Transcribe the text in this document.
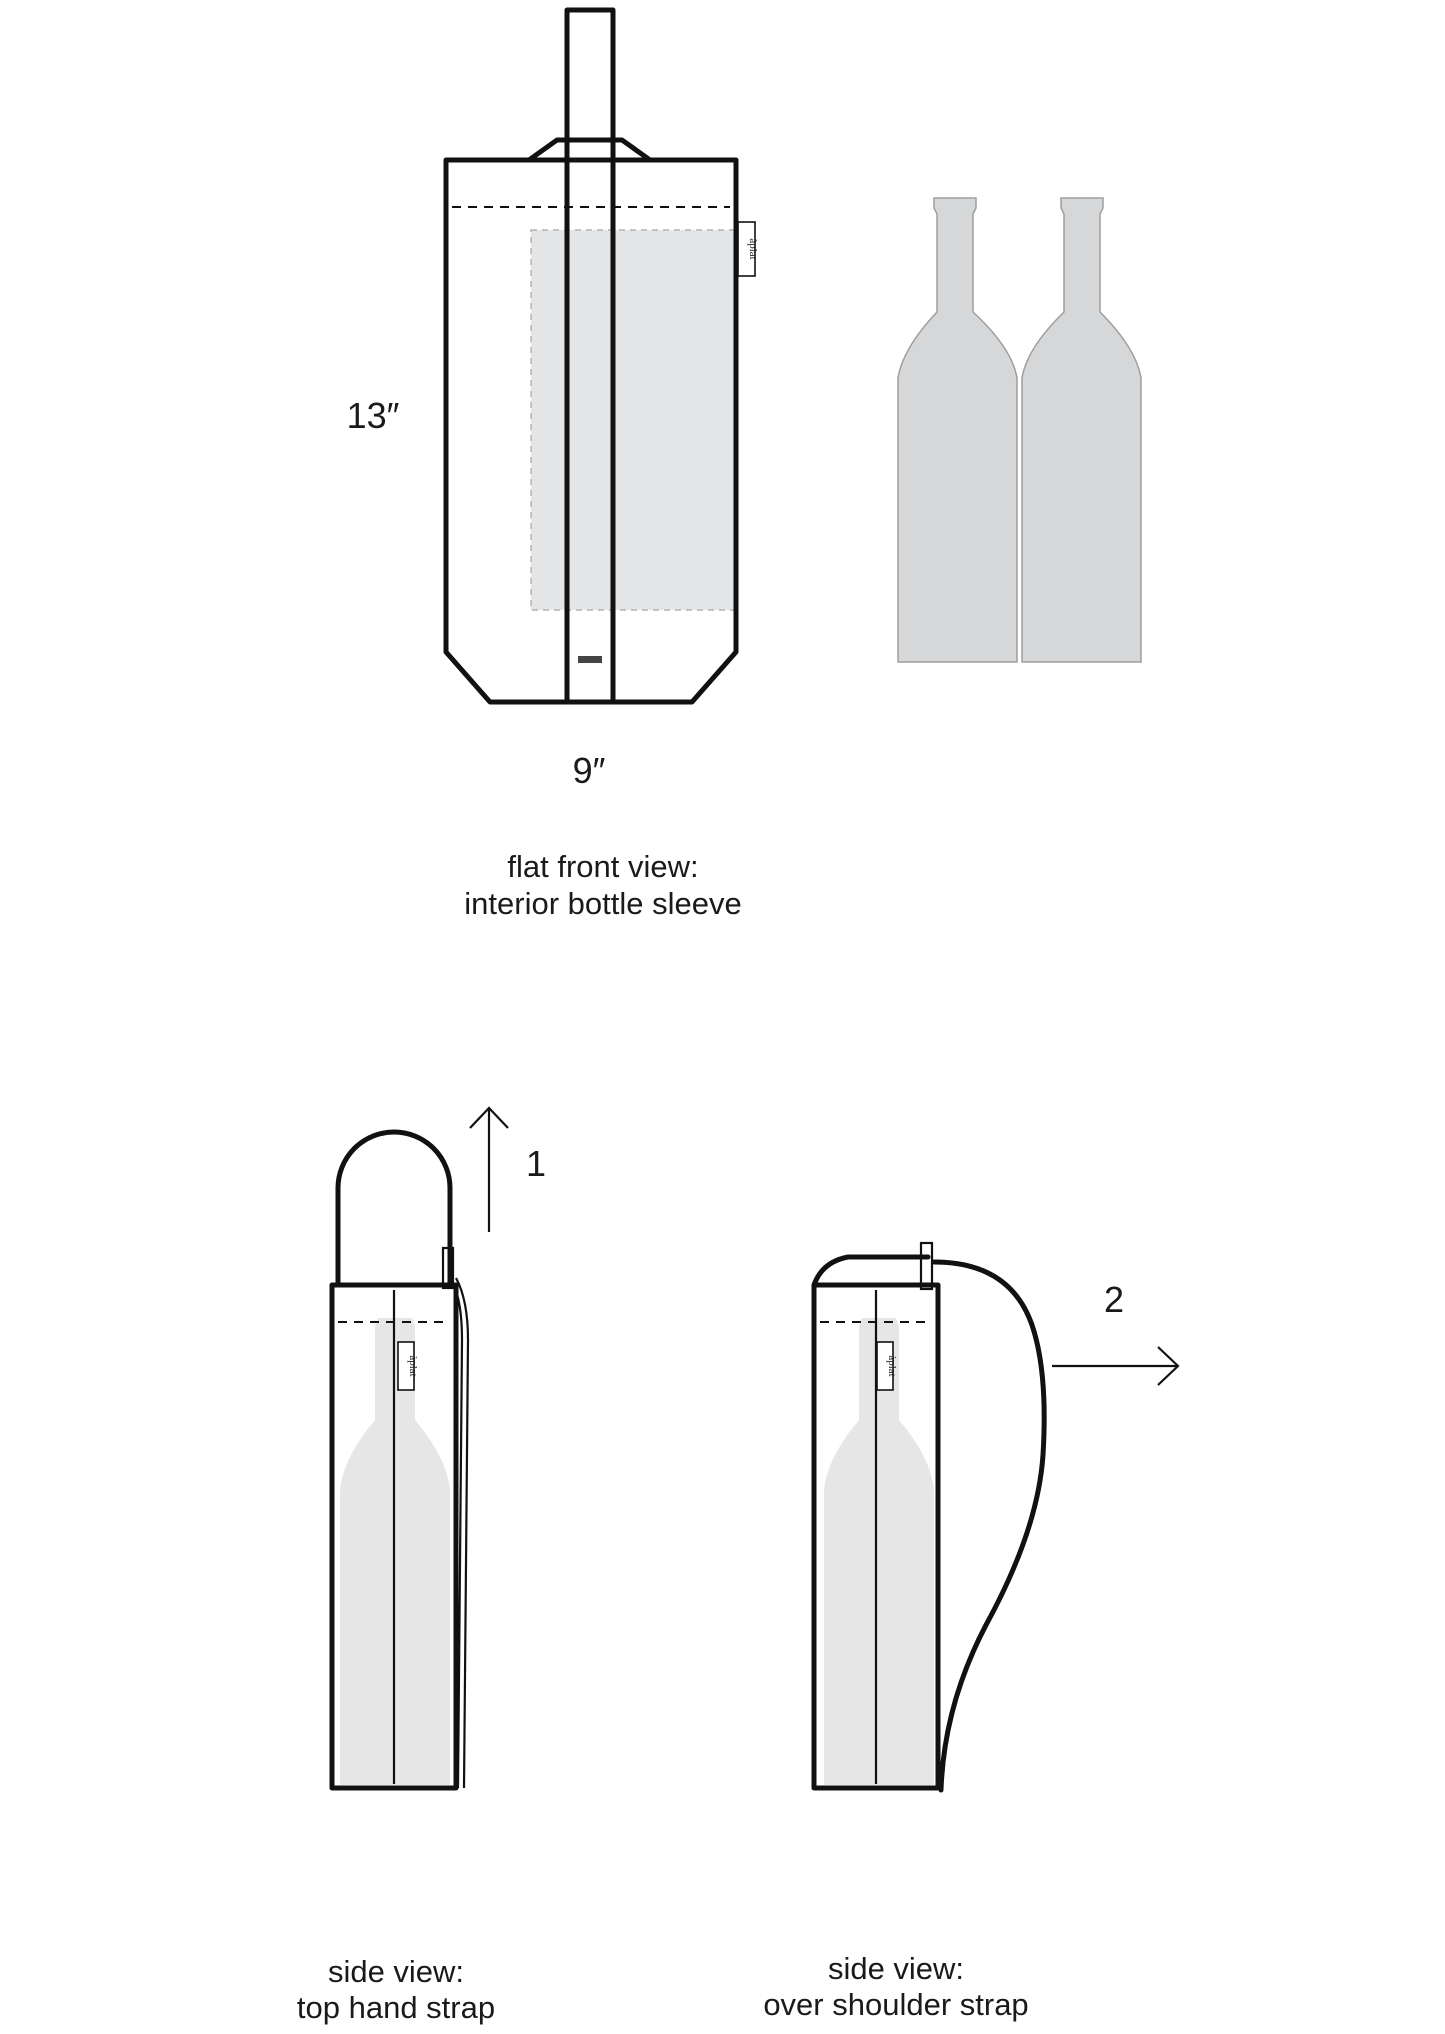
àplat
13″
9″
flat front view:
interior bottle sleeve
àplat
1
side view:
top hand strap
àplat
2
side view:
over shoulder strap
